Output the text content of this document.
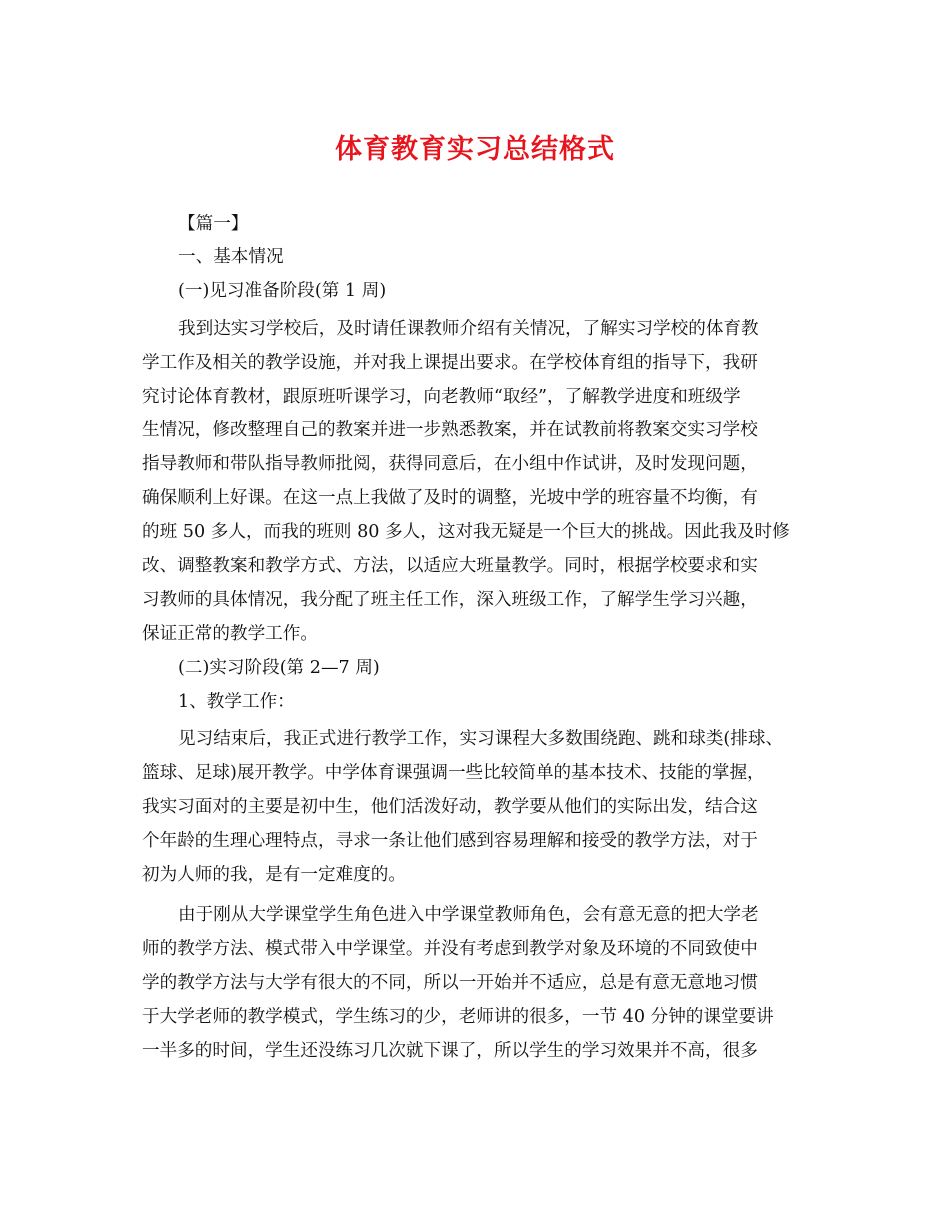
体育教育实习总结格式
【篇一】
一、基本情况
(一)见习准备阶段(第 1 周)
我到达实习学校后，及时请任课教师介绍有关情况，了解实习学校的体育教
学工作及相关的教学设施，并对我上课提出要求。在学校体育组的指导下，我研
究讨论体育教材，跟原班听课学习，向老教师“取经”，了解教学进度和班级学
生情况，修改整理自己的教案并进一步熟悉教案，并在试教前将教案交实习学校
指导教师和带队指导教师批阅，获得同意后，在小组中作试讲，及时发现问题，
确保顺利上好课。在这一点上我做了及时的调整，光坡中学的班容量不均衡，有
的班 50 多人，而我的班则 80 多人，这对我无疑是一个巨大的挑战。因此我及时修
改、调整教案和教学方式、方法，以适应大班量教学。同时，根据学校要求和实
习教师的具体情况，我分配了班主任工作，深入班级工作，了解学生学习兴趣，
保证正常的教学工作。
(二)实习阶段(第 2—7 周)
1、教学工作：
见习结束后，我正式进行教学工作，实习课程大多数围绕跑、跳和球类(排球、
篮球、足球)展开教学。中学体育课强调一些比较简单的基本技术、技能的掌握，
我实习面对的主要是初中生，他们活泼好动，教学要从他们的实际出发，结合这
个年龄的生理心理特点，寻求一条让他们感到容易理解和接受的教学方法，对于
初为人师的我，是有一定难度的。
由于刚从大学课堂学生角色进入中学课堂教师角色，会有意无意的把大学老
师的教学方法、模式带入中学课堂。并没有考虑到教学对象及环境的不同致使中
学的教学方法与大学有很大的不同，所以一开始并不适应，总是有意无意地习惯
于大学老师的教学模式，学生练习的少，老师讲的很多，一节 40 分钟的课堂要讲
一半多的时间，学生还没练习几次就下课了，所以学生的学习效果并不高，很多
